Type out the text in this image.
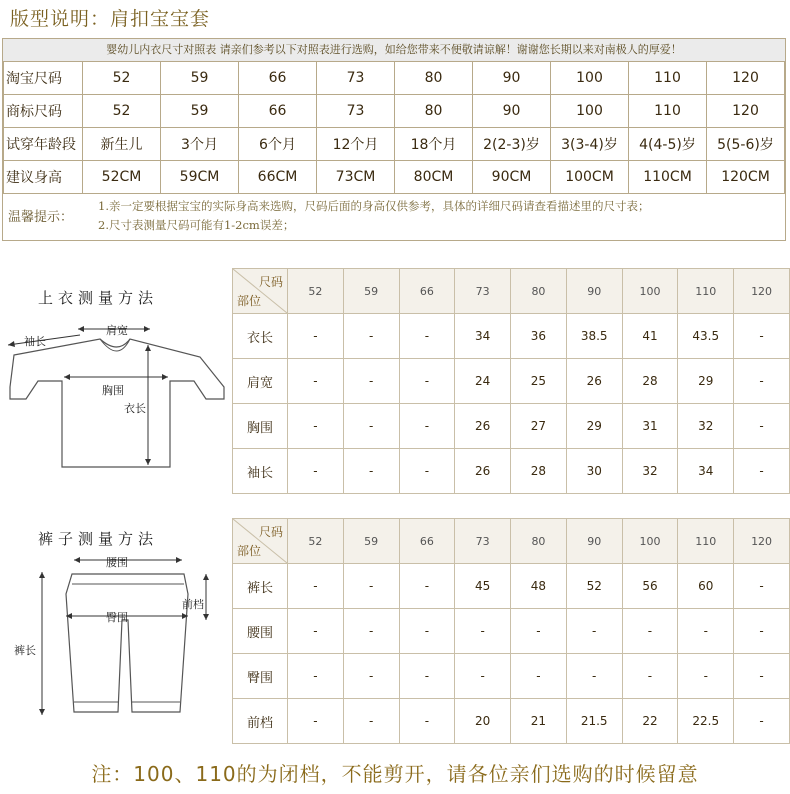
版型说明：肩扣宝宝套
婴幼儿内衣尺寸对照表 请亲们参考以下对照表进行选购，如给您带来不便敬请谅解！谢谢您长期以来对南极人的厚爱！
淘宝尺码	52	59	66	73	80	90	100	110	120
商标尺码	52	59	66	73	80	90	100	110	120
试穿年龄段	新生儿	3个月	6个月	12个月	18个月	2(2-3)岁	3(3-4)岁	4(4-5)岁	5(5-6)岁
建议身高	52CM	59CM	66CM	73CM	80CM	90CM	100CM	110CM	120CM
温馨提示：
1.亲一定要根据宝宝的实际身高来选购，尺码后面的身高仅供参考，具体的详细尺码请查看描述里的尺寸表；
2.尺寸表测量尺码可能有1-2cm误差；
上衣测量方法
袖长
肩宽
胸围
衣长
尺码
部位	52	59	66	73	80	90	100	110	120
衣长	-	-	-	34	36	38.5	41	43.5	-
肩宽	-	-	-	24	25	26	28	29	-
胸围	-	-	-	26	27	29	31	32	-
袖长	-	-	-	26	28	30	32	34	-
裤子测量方法
腰围
臀围
前档
裤长
尺码
部位	52	59	66	73	80	90	100	110	120
裤长	-	-	-	45	48	52	56	60	-
腰围	-	-	-	-	-	-	-	-	-
臀围	-	-	-	-	-	-	-	-	-
前档	-	-	-	20	21	21.5	22	22.5	-
注：100、110的为闭档，不能剪开，请各位亲们选购的时候留意
